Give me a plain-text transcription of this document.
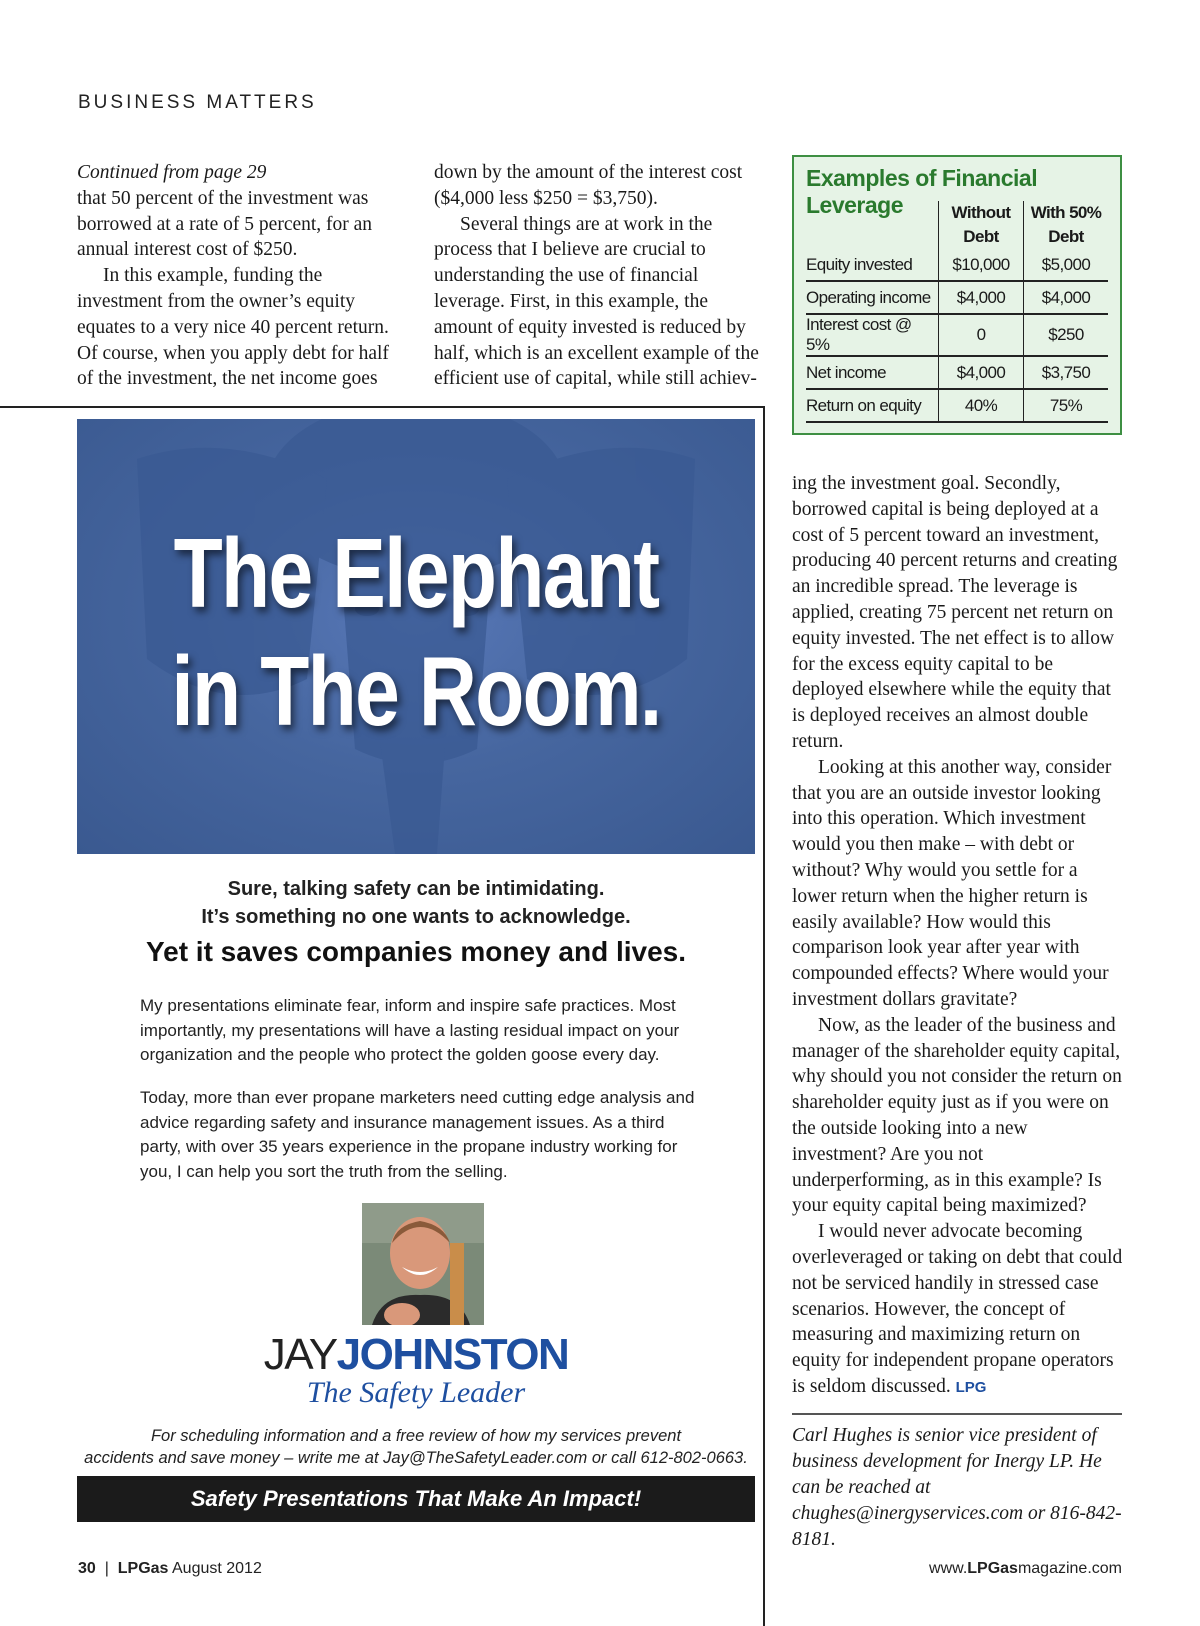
BUSINESS MATTERS

Continued from page 29

that 50 percent of the investment was borrowed at a rate of 5 percent, for an annual interest cost of $250.

In this example, funding the investment from the owner’s equity equates to a very nice 40 percent return. Of course, when you apply debt for half of the investment, the net income goes

down by the amount of the interest cost ($4,000 less $250 = $3,750).

Several things are at work in the process that I believe are crucial to understanding the use of financial leverage. First, in this example, the amount of equity invested is reduced by half, which is an excellent example of the efficient use of capital, while still achiev-

Examples of Financial Leverage
		Without Debt	With 50% Debt
Equity invested	$10,000	$5,000
Operating income	$4,000	$4,000
Interest cost @ 5%	0	$250
Net income	$4,000	$3,750
Return on equity	40%	75%

ing the investment goal. Secondly, borrowed capital is being deployed at a cost of 5 percent toward an investment, producing 40 percent returns and creating an incredible spread. The leverage is applied, creating 75 percent net return on equity invested. The net effect is to allow for the excess equity capital to be deployed elsewhere while the equity that is deployed receives an almost double return.

Looking at this another way, consider that you are an outside investor looking into this operation. Which investment would you then make – with debt or without? Why would you settle for a lower return when the higher return is easily available? How would this comparison look year after year with compounded effects? Where would your investment dollars gravitate?

Now, as the leader of the business and manager of the shareholder equity capital, why should you not consider the return on shareholder equity just as if you were on the outside looking into a new investment? Are you not underperforming, as in this example? Is your equity capital being maximized?

I would never advocate becoming overleveraged or taking on debt that could not be serviced handily in stressed case scenarios. However, the concept of measuring and maximizing return on equity for independent propane operators is seldom discussed. LPG

Carl Hughes is senior vice president of business development for Inergy LP. He can be reached at chughes@inergyservices.com or 816-842-8181.
The Elephant
in The Room.
Sure, talking safety can be intimidating.
It’s something no one wants to acknowledge.
Yet it saves companies money and lives.
My presentations eliminate fear, inform and inspire safe practices. Most importantly, my presentations will have a lasting residual impact on your organization and the people who protect the golden goose every day.
Today, more than ever propane marketers need cutting edge analysis and advice regarding safety and insurance management issues. As a third party, with over 35 years experience in the propane industry working for you, I can help you sort the truth from the selling.
JAYJOHNSTON
The Safety Leader
For scheduling information and a free review of how my services prevent
accidents and save money – write me at Jay@TheSafetyLeader.com or call 612-802-0663.
Safety Presentations That Make An Impact!
30  |  LPGas August 2012	www.LPGasmagazine.com
